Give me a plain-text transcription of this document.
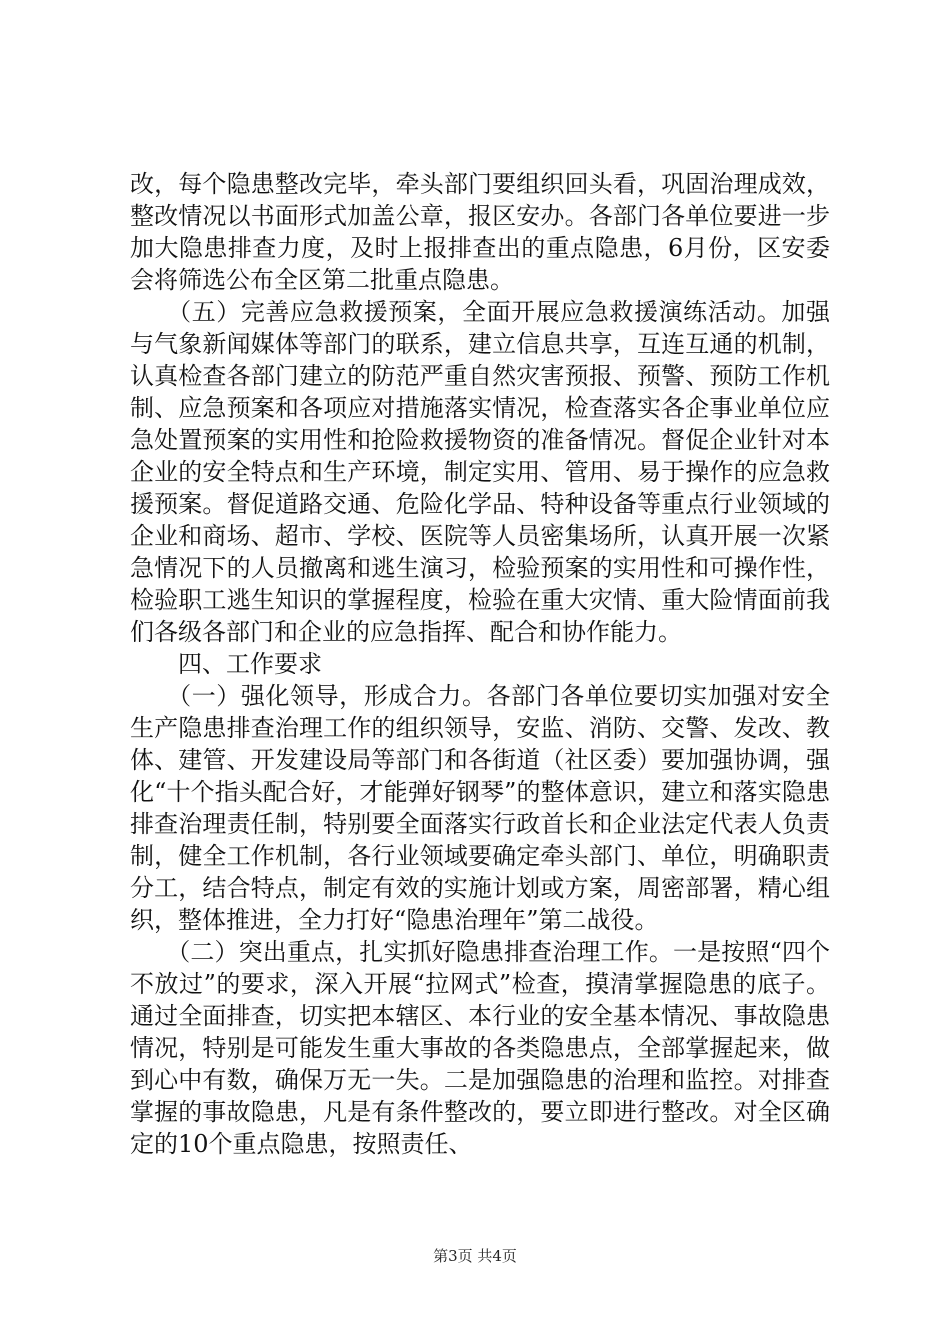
改，每个隐患整改完毕，牵头部门要组织回头看，巩固治理成效，整改情况以书面形式加盖公章，报区安办。各部门各单位要进一步加大隐患排查力度，及时上报排查出的重点隐患，6月份，区安委会将筛选公布全区第二批重点隐患。

　　（五）完善应急救援预案，全面开展应急救援演练活动。加强与气象新闻媒体等部门的联系，建立信息共享，互连互通的机制，认真检查各部门建立的防范严重自然灾害预报、预警、预防工作机制、应急预案和各项应对措施落实情况，检查落实各企事业单位应急处置预案的实用性和抢险救援物资的准备情况。督促企业针对本企业的安全特点和生产环境，制定实用、管用、易于操作的应急救援预案。督促道路交通、危险化学品、特种设备等重点行业领域的企业和商场、超市、学校、医院等人员密集场所，认真开展一次紧急情况下的人员撤离和逃生演习，检验预案的实用性和可操作性，检验职工逃生知识的掌握程度，检验在重大灾情、重大险情面前我们各级各部门和企业的应急指挥、配合和协作能力。

　　四、工作要求

　　（一）强化领导，形成合力。各部门各单位要切实加强对安全生产隐患排查治理工作的组织领导，安监、消防、交警、发改、教体、建管、开发建设局等部门和各街道（社区委）要加强协调，强化“十个指头配合好，才能弹好钢琴”的整体意识，建立和落实隐患排查治理责任制，特别要全面落实行政首长和企业法定代表人负责制，健全工作机制，各行业领域要确定牵头部门、单位，明确职责分工，结合特点，制定有效的实施计划或方案，周密部署，精心组织，整体推进，全力打好“隐患治理年”第二战役。

　　（二）突出重点，扎实抓好隐患排查治理工作。一是按照“四个不放过”的要求，深入开展“拉网式”检查，摸清掌握隐患的底子。通过全面排查，切实把本辖区、本行业的安全基本情况、事故隐患情况，特别是可能发生重大事故的各类隐患点，全部掌握起来，做到心中有数，确保万无一失。二是加强隐患的治理和监控。对排查掌握的事故隐患，凡是有条件整改的，要立即进行整改。对全区确定的10个重点隐患，按照责任、

第3页 共4页
